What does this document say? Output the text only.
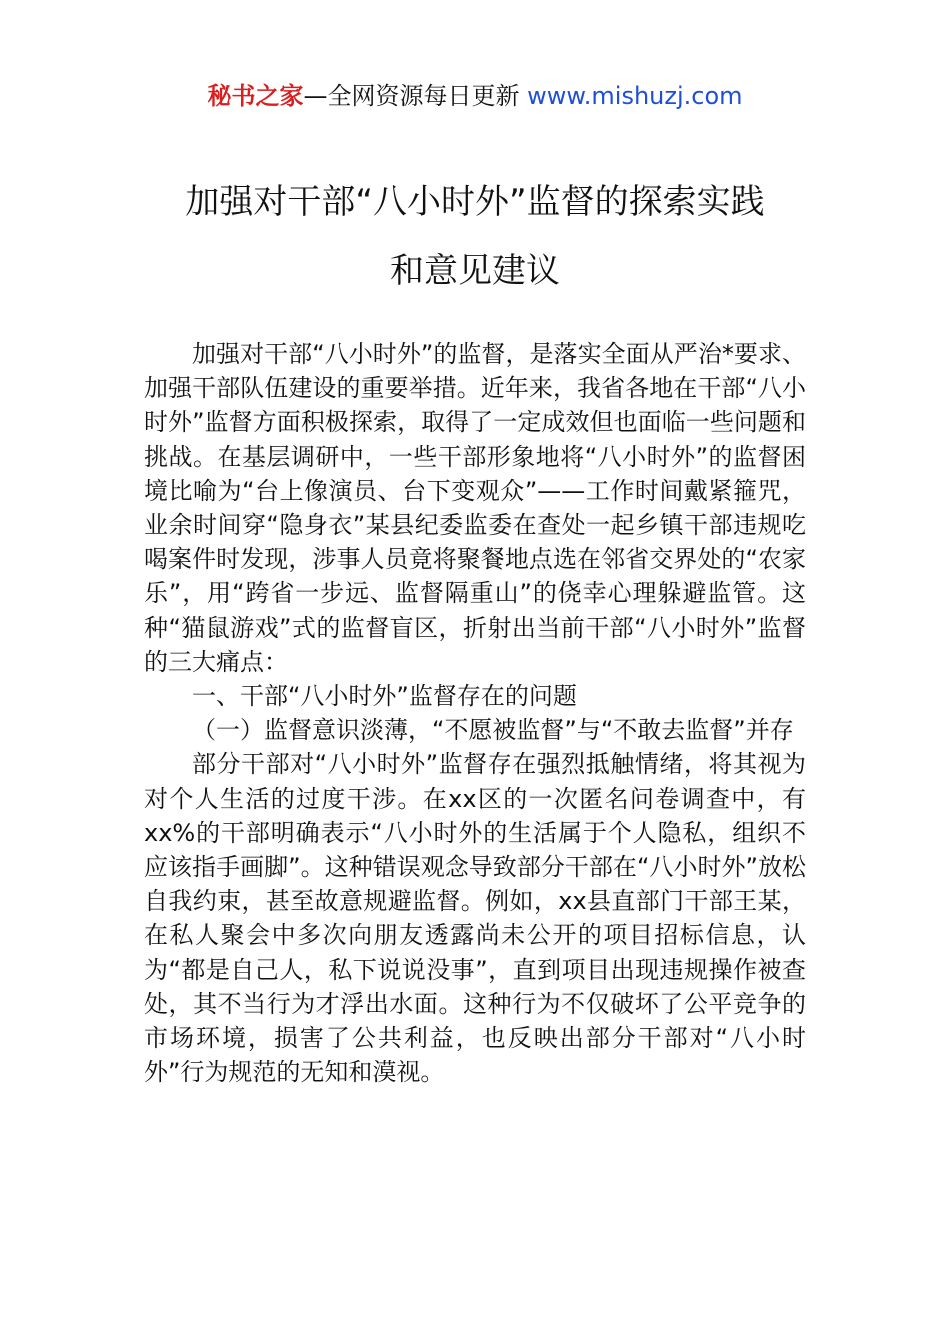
秘书之家—全网资源每日更新 www.mishuzj.com
加强对干部“八小时外”监督的探索实践
和意见建议

加强对干部“八小时外”的监督，是落实全面从严治*要求、加强干部队伍建设的重要举措。近年来，我省各地在干部“八小时外”监督方面积极探索，取得了一定成效但也面临一些问题和挑战。在基层调研中，一些干部形象地将“八小时外”的监督困境比喻为“台上像演员、台下变观众”——工作时间戴紧箍咒，业余时间穿“隐身衣”某县纪委监委在查处一起乡镇干部违规吃喝案件时发现，涉事人员竟将聚餐地点选在邻省交界处的“农家乐”，用“跨省一步远、监督隔重山”的侥幸心理躲避监管。这种“猫鼠游戏”式的监督盲区，折射出当前干部“八小时外”监督的三大痛点：

一、干部“八小时外”监督存在的问题

（一）监督意识淡薄，“不愿被监督”与“不敢去监督”并存

部分干部对“八小时外”监督存在强烈抵触情绪，将其视为对个人生活的过度干涉。在xx区的一次匿名问卷调查中，有xx%的干部明确表示“八小时外的生活属于个人隐私，组织不应该指手画脚”。这种错误观念导致部分干部在“八小时外”放松自我约束，甚至故意规避监督。例如，xx县直部门干部王某，在私人聚会中多次向朋友透露尚未公开的项目招标信息，认为“都是自己人，私下说说没事”，直到项目出现违规操作被查处，其不当行为才浮出水面。这种行为不仅破坏了公平竞争的市场环境，损害了公共利益，也反映出部分干部对“八小时外”行为规范的无知和漠视。
